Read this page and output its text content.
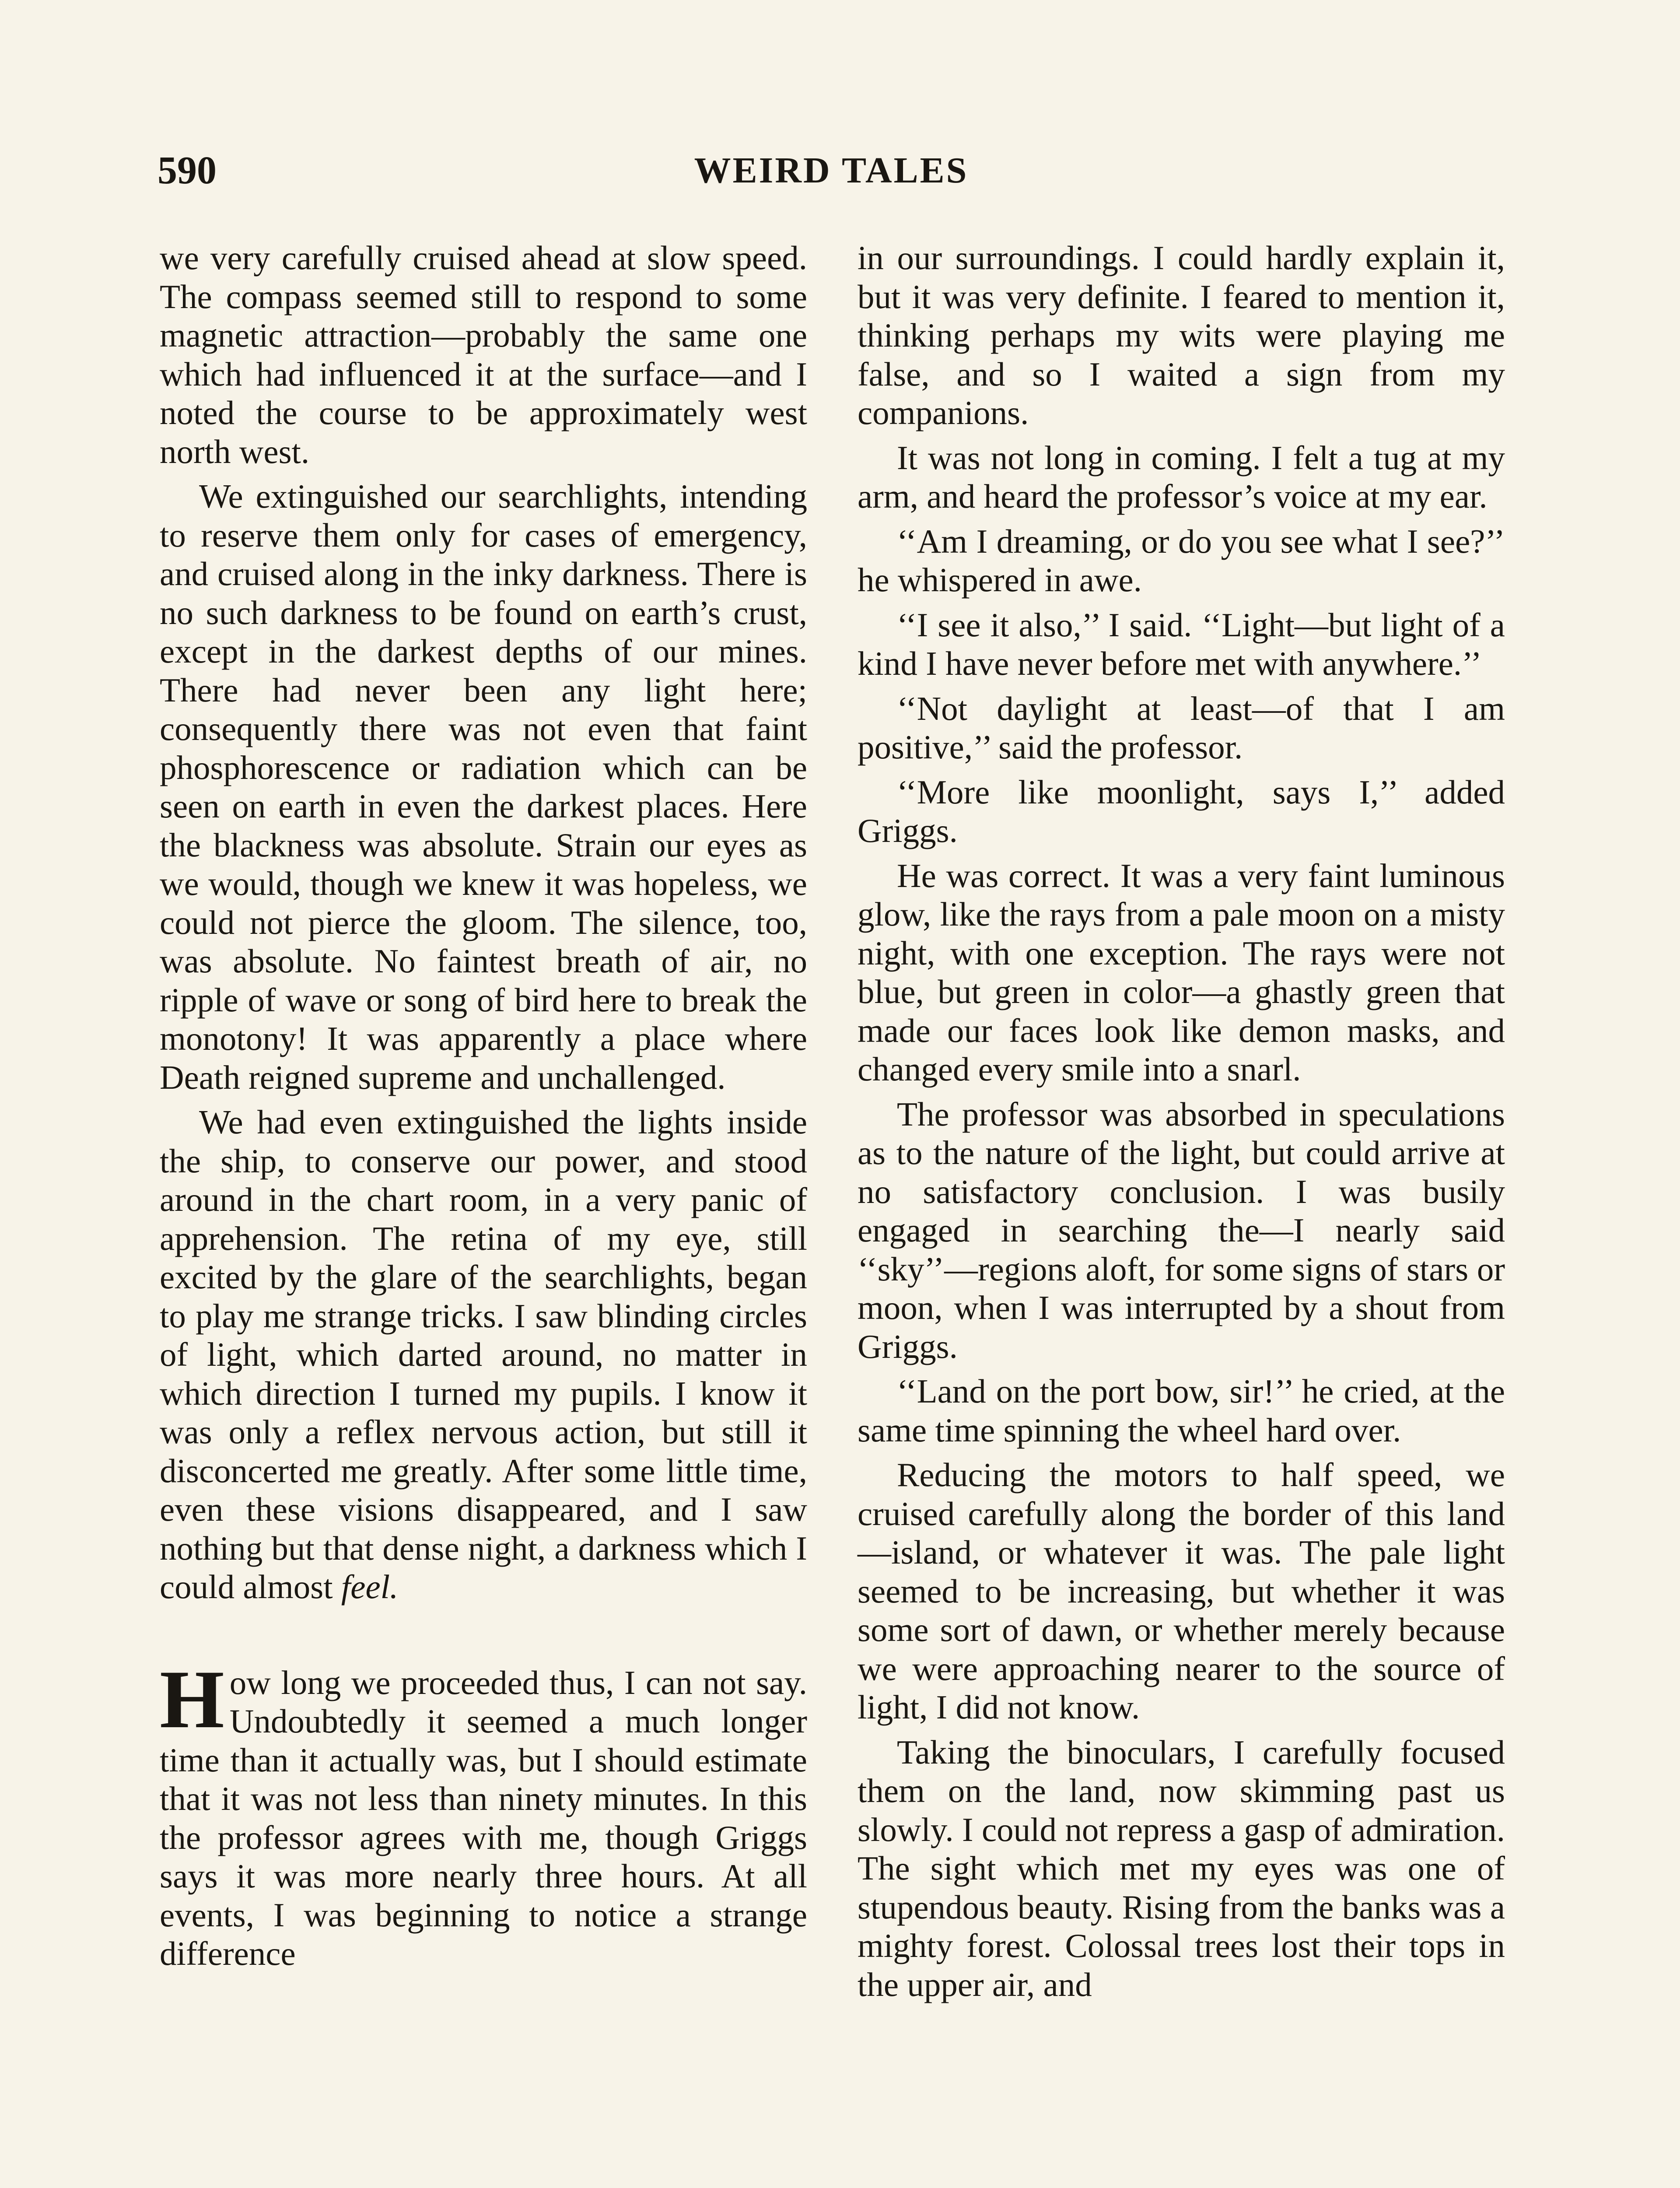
590	WEIRD TALES

we very carefully cruised ahead at slow speed. The compass seemed still to respond to some magnetic attraction—probably the same one which had influenced it at the surface—and I noted the course to be approximately west north west.

We extinguished our searchlights, intending to reserve them only for cases of emergency, and cruised along in the inky darkness. There is no such darkness to be found on earth’s crust, except in the darkest depths of our mines. There had never been any light here; consequently there was not even that faint phosphorescence or radiation which can be seen on earth in even the darkest places. Here the blackness was absolute. Strain our eyes as we would, though we knew it was hopeless, we could not pierce the gloom. The silence, too, was absolute. No faintest breath of air, no ripple of wave or song of bird here to break the monotony! It was apparently a place where Death reigned supreme and unchallenged.

We had even extinguished the lights inside the ship, to conserve our power, and stood around in the chart room, in a very panic of apprehension. The retina of my eye, still excited by the glare of the searchlights, began to play me strange tricks. I saw blinding circles of light, which darted around, no matter in which direction I turned my pupils. I know it was only a reflex nervous action, but still it disconcerted me greatly. After some little time, even these visions disappeared, and I saw nothing but that dense night, a darkness which I could almost feel.

How long we proceeded thus, I can not say. Undoubtedly it seemed a much longer time than it actually was, but I should estimate that it was not less than ninety minutes. In this the professor agrees with me, though Griggs says it was more nearly three hours. At all events, I was beginning to notice a strange difference

in our surroundings. I could hardly explain it, but it was very definite. I feared to mention it, thinking perhaps my wits were playing me false, and so I waited a sign from my companions.

It was not long in coming. I felt a tug at my arm, and heard the professor’s voice at my ear.

‘‘Am I dreaming, or do you see what I see?’’ he whispered in awe.

‘‘I see it also,’’ I said. ‘‘Light—but light of a kind I have never before met with anywhere.’’

‘‘Not daylight at least—of that I am positive,’’ said the professor.

‘‘More like moonlight, says I,’’ added Griggs.

He was correct. It was a very faint luminous glow, like the rays from a pale moon on a misty night, with one exception. The rays were not blue, but green in color—a ghastly green that made our faces look like demon masks, and changed every smile into a snarl.

The professor was absorbed in speculations as to the nature of the light, but could arrive at no satisfactory conclusion. I was busily engaged in searching the—I nearly said ‘‘sky’’—regions aloft, for some signs of stars or moon, when I was interrupted by a shout from Griggs.

‘‘Land on the port bow, sir!’’ he cried, at the same time spinning the wheel hard over.

Reducing the motors to half speed, we cruised carefully along the border of this land—island, or whatever it was. The pale light seemed to be increasing, but whether it was some sort of dawn, or whether merely because we were approaching nearer to the source of light, I did not know.

Taking the binoculars, I carefully focused them on the land, now skimming past us slowly. I could not repress a gasp of admiration. The sight which met my eyes was one of stupendous beauty. Rising from the banks was a mighty forest. Colossal trees lost their tops in the upper air, and
